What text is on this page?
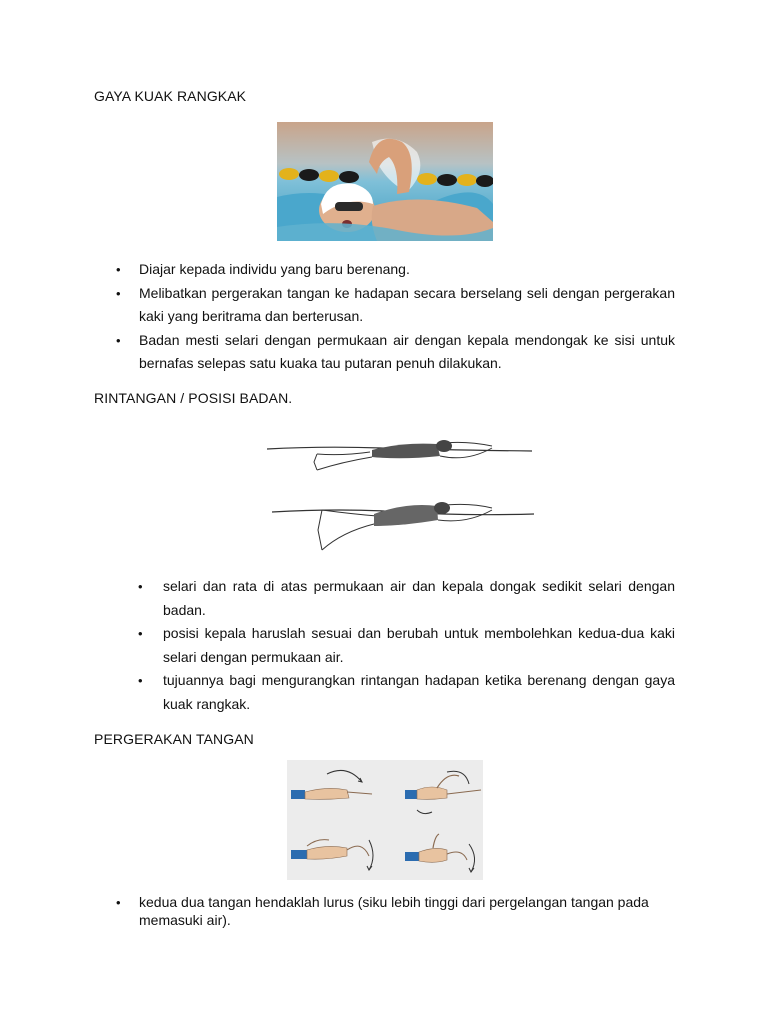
GAYA KUAK RANGKAK
• Diajar kepada individu yang baru berenang.
• Melibatkan pergerakan tangan ke hadapan secara berselang seli dengan pergerakan kaki yang beritrama dan berterusan.
• Badan mesti selari dengan permukaan air dengan kepala mendongak ke sisi untuk bernafas selepas satu kuaka tau putaran penuh dilakukan.
RINTANGAN / POSISI BADAN.
• selari dan rata di atas permukaan air dan kepala dongak sedikit selari dengan badan.
• posisi kepala haruslah sesuai dan berubah untuk membolehkan kedua-dua kaki selari dengan permukaan air.
• tujuannya bagi mengurangkan rintangan hadapan ketika berenang dengan gaya kuak rangkak.
PERGERAKAN TANGAN
• kedua dua tangan hendaklah lurus (siku lebih tinggi dari pergelangan tangan pada memasuki air).
